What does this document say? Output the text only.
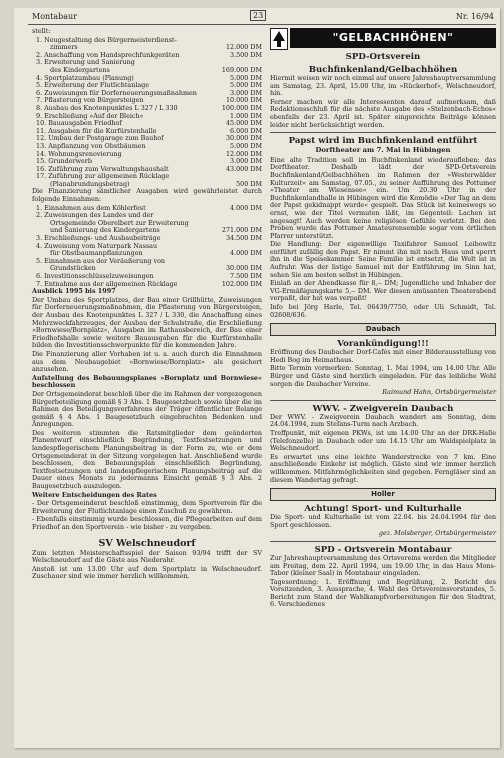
Montabaur	23	Nr. 16/94

stellt:

1. Neugestaltung des Bürgermeisterdienst-
zimmers	12.000 DM
2. Anschaffung von Handsprechfunkgeräten	3.500 DM
3. Erweiterung und Sanierung
des Kindergartens	169.000 DM
4. Sportplatzumbau (Planung)	5.000 DM
5. Erweiterung der Flutlichtanlage	5.000 DM
6. Zuweisungen für Dorferneuerungsmaßnahmen	3.000 DM
7. Pflasterung von Bürgersteigen	10.000 DM
8. Ausbau des Knotenpunktes L 327 / L 330	100.000 DM
9. Erschließung »Auf der Bleich«	1.000 DM
10. Bauausgaben Friedhof	45.000 DM
11. Ausgaben für die Kurfürstenhalle	6.000 DM
12. Umbau der Postgarage zum Bauhof	30.000 DM
13. Anpflanzung von Obstbäumen	5.000 DM
14. Wohnungsrenovierung	12.000 DM
15. Grunderwerb	3.000 DM
16. Zuführung zum Verwaltungshaushalt	43.000 DM
17. Zuführung zur allgemeinen Rücklage
(Planabrundungsbetrag)	500 DM

Die Finanzierung sämtlicher Ausgaben wird gewährleistet durch folgende Einnahmen:

1. Einnahmen aus dem Köhlerfest	4.000 DM
2. Zuweisungen des Landes und der
Ortsgemeinde Oberelbert zur Erweiterung
und Sanierung des Kindergartens	271.000 DM
3. Erschließungs- und Ausbaubeiträge	34.500 DM
4. Zuweisung vom Naturpark Nassau
für Obstbaumanpflanzungen	4.000 DM
5. Einnahmen aus der Veräußerung von
Grundstücken	30.000 DM
6. Investitionsschlüsselzuweisungen	7.500 DM
7. Entnahme aus der allgemeinen Rücklage	102.000 DM

Ausblick 1995 bis 1997

Der Umbau des Sportplatzes, der Bau einer Grillhütte, Zuweisungen für Dorferneuerungsmaßnahmen, die Pflasterung von Bürgersteigen, der Ausbau des Knotenpunktes L 327 / L 330, die Anschaffung eines Mehrzweckfahrzeuges, der Ausbau der Schulstraße, die Erschließung »Bornwiese/Bornplatz«, Ausgaben im Rathausbereich, der Bau einer Friedhofshalle sowie weitere Bauausgaben für die Kurfürstenhalle bilden die Investitionsschwerpunkte für die kommenden Jahre.

Die Finanzierung aller Vorhaben ist u. a. auch durch die Einnahmen aus dem Neubaugebiet »Bornwiese/Bornplatz« als gesichert anzusehen.

Aufstellung des Bebauungsplanes »Bornplatz und Bornwiese« beschlossen

Der Ortsgemeinderat beschloß über die im Rahmen der vorgezogenen Bürgerbeteiligung gemäß § 3 Abs. 1 Baugesetzbuch sowie über die im Rahmen des Beteiligungsverfahrens der Träger öffentlicher Belange gemäß § 4 Abs. 1 Baugesetzbuch eingebrachten Bedenken und Anregungen.

Des weiteren stimmten die Ratsmitglieder dem geänderten Planentwurf einschließlich Begründung, Textfestsetzungen und landespflegerischem Planungsbeitrag in der Form zu, wie er dem Ortsgemeinderat in der Sitzung vorgelegen hat. Anschließend wurde beschlossen, den Bebauungsplan einschließlich Begründung, Textfestsetzungen und landespflegerischem Planungsbeitrag auf die Dauer eines Monats zu jedermanns Einsicht gemäß § 3 Abs. 2 Baugesetzbuch auszulegen.

Weitere Entscheidungen des Rates

- Der Ortsgemeinderat beschloß einstimmig, dem Sportverein für die Erweiterung der Flutlichtanlage einen Zuschuß zu gewähren.

- Ebenfalls einstimmig wurde beschlossen, die Pflegearbeiten auf dem Friedhof an den Sportverein - wie bisher - zu vergeben.

SV Welschneudorf

Zum letzten Meisterschaftsspiel der Saison 93/94 trifft der SV Welschneudorf auf die Gäste aus Niederahr.

Anstoß ist um 13.00 Uhr auf dem Sportplatz in Welschneudorf. Zuschauer sind wie immer herzlich willkommen.

"GELBACHHÖHEN"
SPD-Ortsverein
Buchfinkenland/Gelbachhöhen

Hiermit weisen wir noch einmal auf unsere Jahreshauptversammlung am Samstag, 23. April, 15.00 Uhr, im »Rückerhof«, Welschneudorf, hin.

Ferner machen wir alle Interessenten darauf aufmerksam, daß Redaktionsschluß für die nächste Ausgabe des »Stelzenbach-Echos« ebenfalls der 23. April ist. Später eingereichte Beiträge können leider nicht berücksichtigt werden.

Papst wird im Buchfinkenland entführt
Dorftheater am 7. Mai in Hübingen

Eine alte Tradition soll im Buchfinkenland wiederaufleben: das Dorftheater. Deshalb lädt der SPD-Ortsverein Buchfinkenland/Gelbachhöhen im Rahmen der »Westerwälder Kulturzeit« am Samstag, 07.05., zu seiner Aufführung des Pottumer »Theater am Wiesensee« ein. Um 20.30 Uhr in der Buchfinkenlandhalle in Hübingen wird die Komödie »Der Tag an dem der Papst gekidnappt wurde« gespielt. Das Stück ist keineswegs so ernst, wie der Titel vermuten läßt, im Gegenteil: Lachen ist angesagt! Auch werden keine religiösen Gefühle verletzt. Bei den Proben wurde das Pottumer Amateurensemble sogar vom örtlichen Pfarrer unterstützt.

Die Handlung: Der eigenwillige Taxifahrer Samuel Leibowitz entführt zufällig den Papst. Er nimmt ihn mit nach Haus und sperrt ihn in die Speisekammer. Seine Familie ist entsetzt, die Welt ist in Aufruhr. Was der listige Samuel mit der Entführung im Sinn hat, sehen Sie am besten selbst in Hübingen.

Einlaß an der Abendkasse für 8,-- DM; Jugendliche und Inhaber der VG-Ermäßigungskarte 5,-- DM. Wer diesen amüsanten Theaterabend verpaßt, der hat was verpaßt!

Info bei Jörg Harle, Tel. 06439/7750, oder Uli Schmidt, Tel. 02608/636.

Daubach
Vorankündigung!!!

Eröffnung des Daubacher Dorf-Cafés mit einer Bilderausstellung von Hedi Bog im Heimathaus.

Bitte Termin vormerken: Sonntag, 1. Mai 1994, um 14.00 Uhr. Alle Bürger und Gäste sind herzlich eingeladen. Für das leibliche Wohl sorgen die Daubacher Vereine.

Raimund Hahn, Ortsbürgermeister

WWV. - Zweigverein Daubach

Der WWV. - Zweigverein Daubach wandert am Sonntag, dem 24.04.1994, zum Stefans-Turm nach Arzbach.

Treffpunkt, mit eigenen PKWs, ist um 14.00 Uhr an der DRK-Halle (Telefonzelle) in Daubach oder um 14.15 Uhr am Waldspielplatz in Welschneudorf.

Es erwartet uns eine leichte Wanderstrecke von 7 km. Eine anschließende Einkehr ist möglich. Gäste sind wir immer herzlich willkommen. Mitfahrmöglichkeiten sind gegeben. Ferngläser sind an diesem Wandertag gefragt.

Holler
Achtung! Sport- und Kulturhalle

Die Sport- und Kulturhalle ist vom 22.04. bis 24.04.1994 für den Sport geschlossen.

gez. Molsberger, Ortsbürgermeister

SPD - Ortsverein Montabaur

Zur Jahreshauptversammlung des Ortsvereins werden die Mitglieder am Freitag, dem 22. April 1994, um 19.00 Uhr, in das Haus Mons-Tabor (kleiner Saal) in Montabaur eingeladen.

Tagesordnung: 1. Eröffnung und Begrüßung, 2. Bericht des Vorsitzenden, 3. Aussprache, 4. Wahl des Ortsvereinsvorstandes, 5. Bericht zum Stand der Wahlkampfvorbereitungen für den Stadtrat, 6. Verschiedenes
